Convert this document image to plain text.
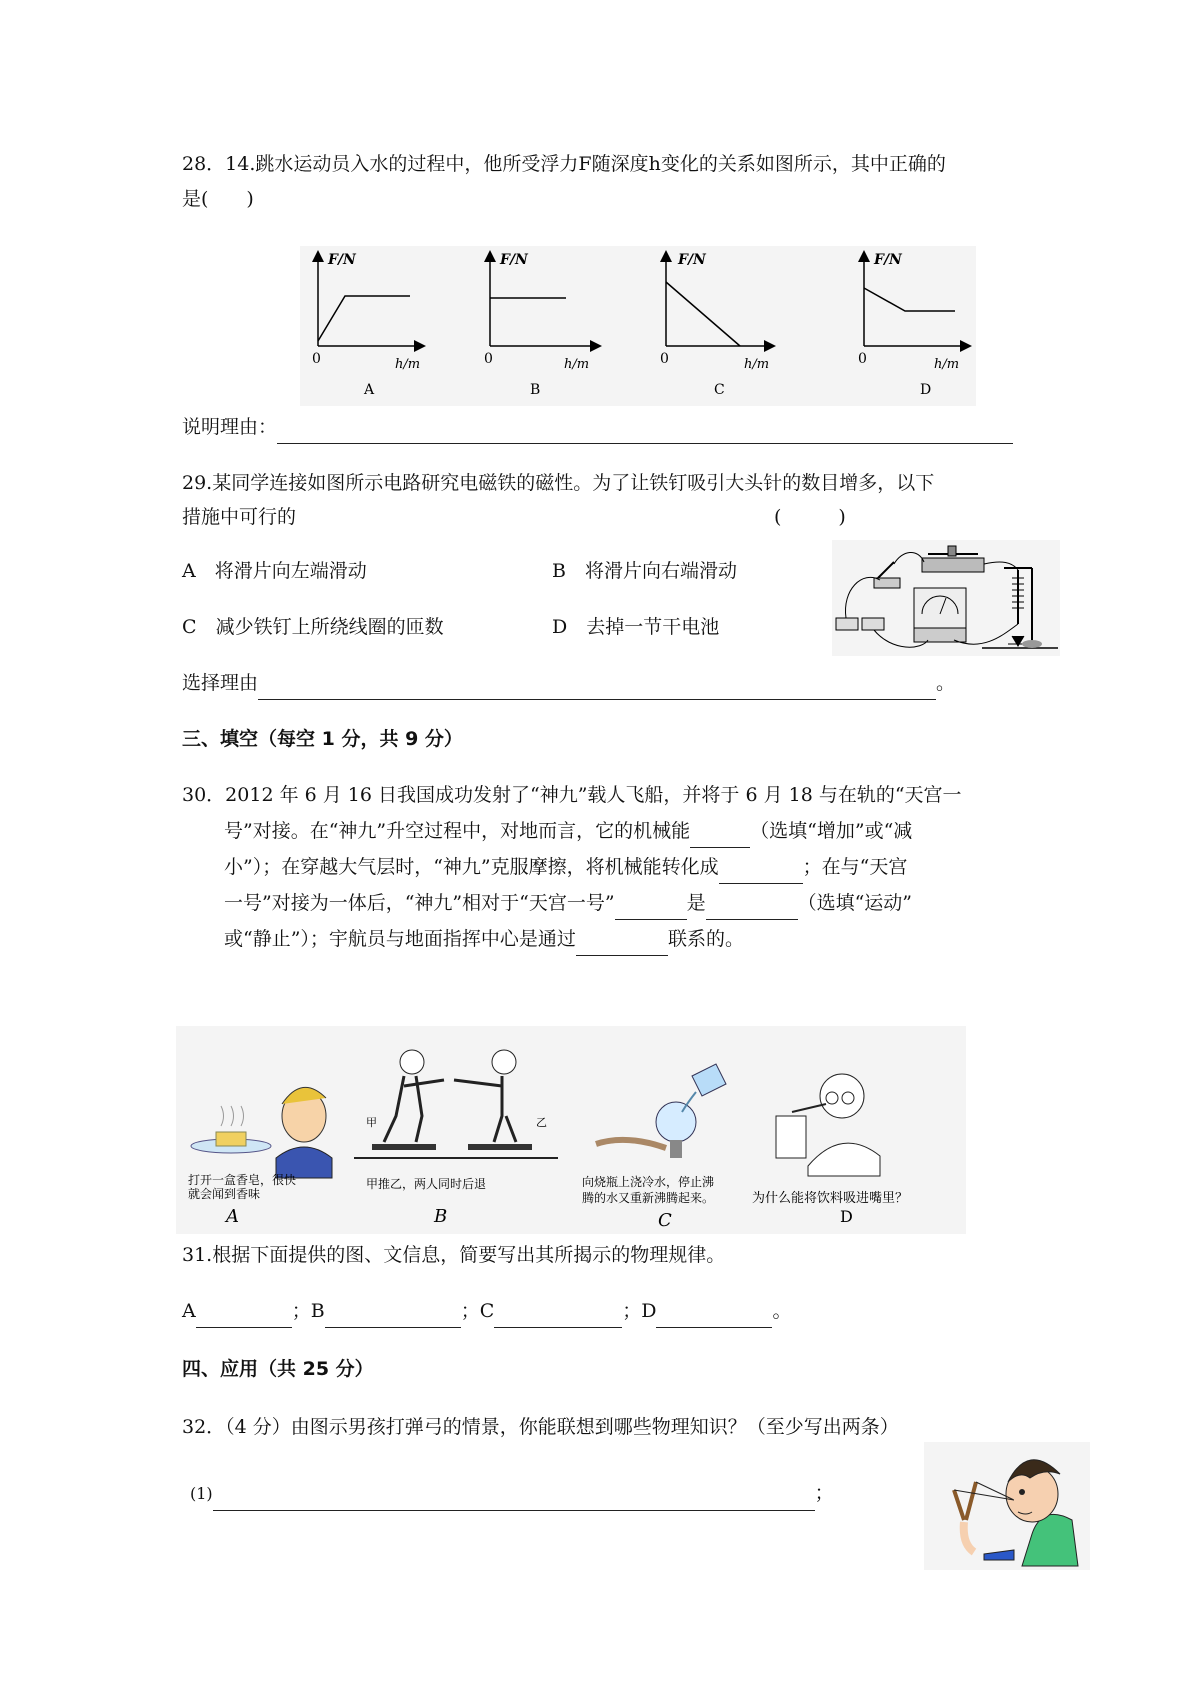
28．14.跳水运动员入水的过程中，他所受浮力F随深度h变化的关系如图所示，其中正确的
是(　　)
F/N
0	h/m
A
F/N
0	h/m
B
F/N
0	h/m
C
F/N
0	h/m
D
说明理由：
29.某同学连接如图所示电路研究电磁铁的磁性。为了让铁钉吸引大头针的数目增多，以下
措施中可行的	(　　　)
A　 将滑片向左端滑动	B　 将滑片向右端滑动
C　 减少铁钉上所绕线圈的匝数	D　 去掉一节干电池
选择理由	。
三、填空（每空 1 分，共 9 分）
30．2012 年 6 月 16 日我国成功发射了“神九”载人飞船，并将于 6 月 18 与在轨的“天宫一
号”对接。在“神九”升空过程中，对地而言，它的机械能	（选填“增加”或“减
小”）；在穿越大气层时，“神九”克服摩擦，将机械能转化成	；在与“天宫
一号”对接为一体后，“神九”相对于“天宫一号”	是	（选填“运动”
或“静止”）；宇航员与地面指挥中心是通过	联系的。
打开一盒香皂，很快
就会闻到香味
A
甲	乙
甲推乙，两人同时后退
B
向烧瓶上浇冷水，停止沸
腾的水又重新沸腾起来。
C
为什么能将饮料吸进嘴里？
D
31.根据下面提供的图、文信息，简要写出其所揭示的物理规律。
A	；B	；C	；D	。
四、应用（共 25 分）
32．（4 分）由图示男孩打弹弓的情景，你能联想到哪些物理知识？（至少写出两条）
(1)	；
